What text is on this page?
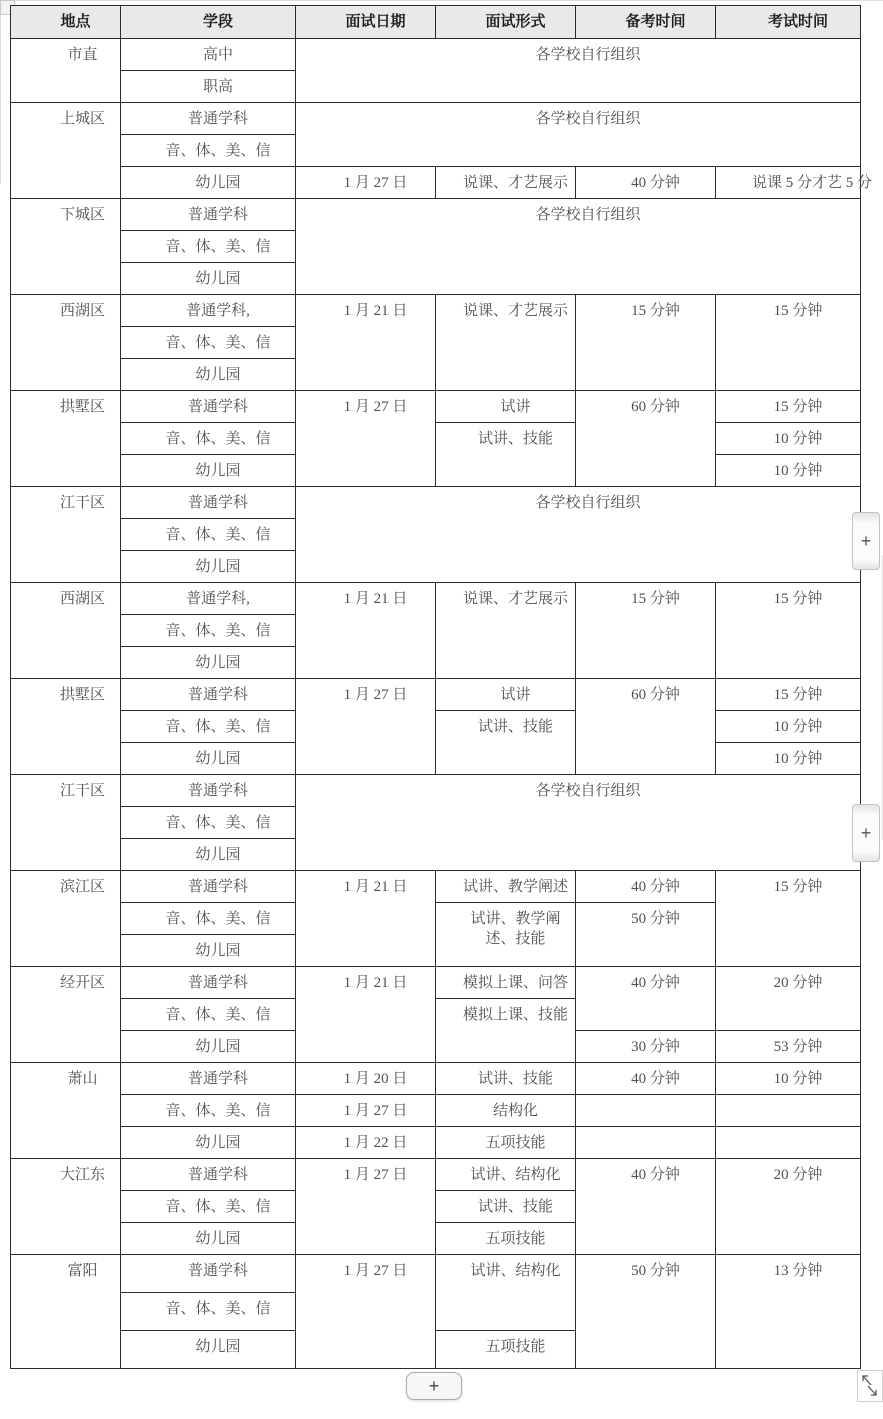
地点	学段	面试日期	面试形式	备考时间	考试时间
市直	高中	各学校自行组织			
	职高				
上城区	普通学科	各学校自行组织			
	音、体、美、信				
	幼儿园	1 月 27 日	说课、才艺展示	40 分钟	说课 5 分才艺 5 分
下城区	普通学科	各学校自行组织			
	音、体、美、信				
	幼儿园				
西湖区	普通学科,	1 月 21 日	说课、才艺展示	15 分钟	15 分钟
	音、体、美、信				
	幼儿园				
拱墅区	普通学科	1 月 27 日	试讲	60 分钟	15 分钟
	音、体、美、信		试讲、技能		10 分钟
	幼儿园				10 分钟
江干区	普通学科	各学校自行组织			
	音、体、美、信				
	幼儿园				
西湖区	普通学科,	1 月 21 日	说课、才艺展示	15 分钟	15 分钟
	音、体、美、信				
	幼儿园				
拱墅区	普通学科	1 月 27 日	试讲	60 分钟	15 分钟
	音、体、美、信		试讲、技能		10 分钟
	幼儿园				10 分钟
江干区	普通学科	各学校自行组织			
	音、体、美、信				
	幼儿园				
滨江区	普通学科	1 月 21 日	试讲、教学阐述	40 分钟	15 分钟
	音、体、美、信		试讲、教学阐述、技能	50 分钟	
	幼儿园				
经开区	普通学科	1 月 21 日	模拟上课、问答	40 分钟	20 分钟
	音、体、美、信		模拟上课、技能		
	幼儿园			30 分钟	53 分钟
萧山	普通学科	1 月 20 日	试讲、技能	40 分钟	10 分钟
	音、体、美、信	1 月 27 日	结构化		
	幼儿园	1 月 22 日	五项技能		
大江东	普通学科	1 月 27 日	试讲、结构化	40 分钟	20 分钟
	音、体、美、信		试讲、技能		
	幼儿园		五项技能		
富阳	普通学科	1 月 27 日	试讲、结构化	50 分钟	13 分钟
	音、体、美、信				
	幼儿园		五项技能		
+
+
+
